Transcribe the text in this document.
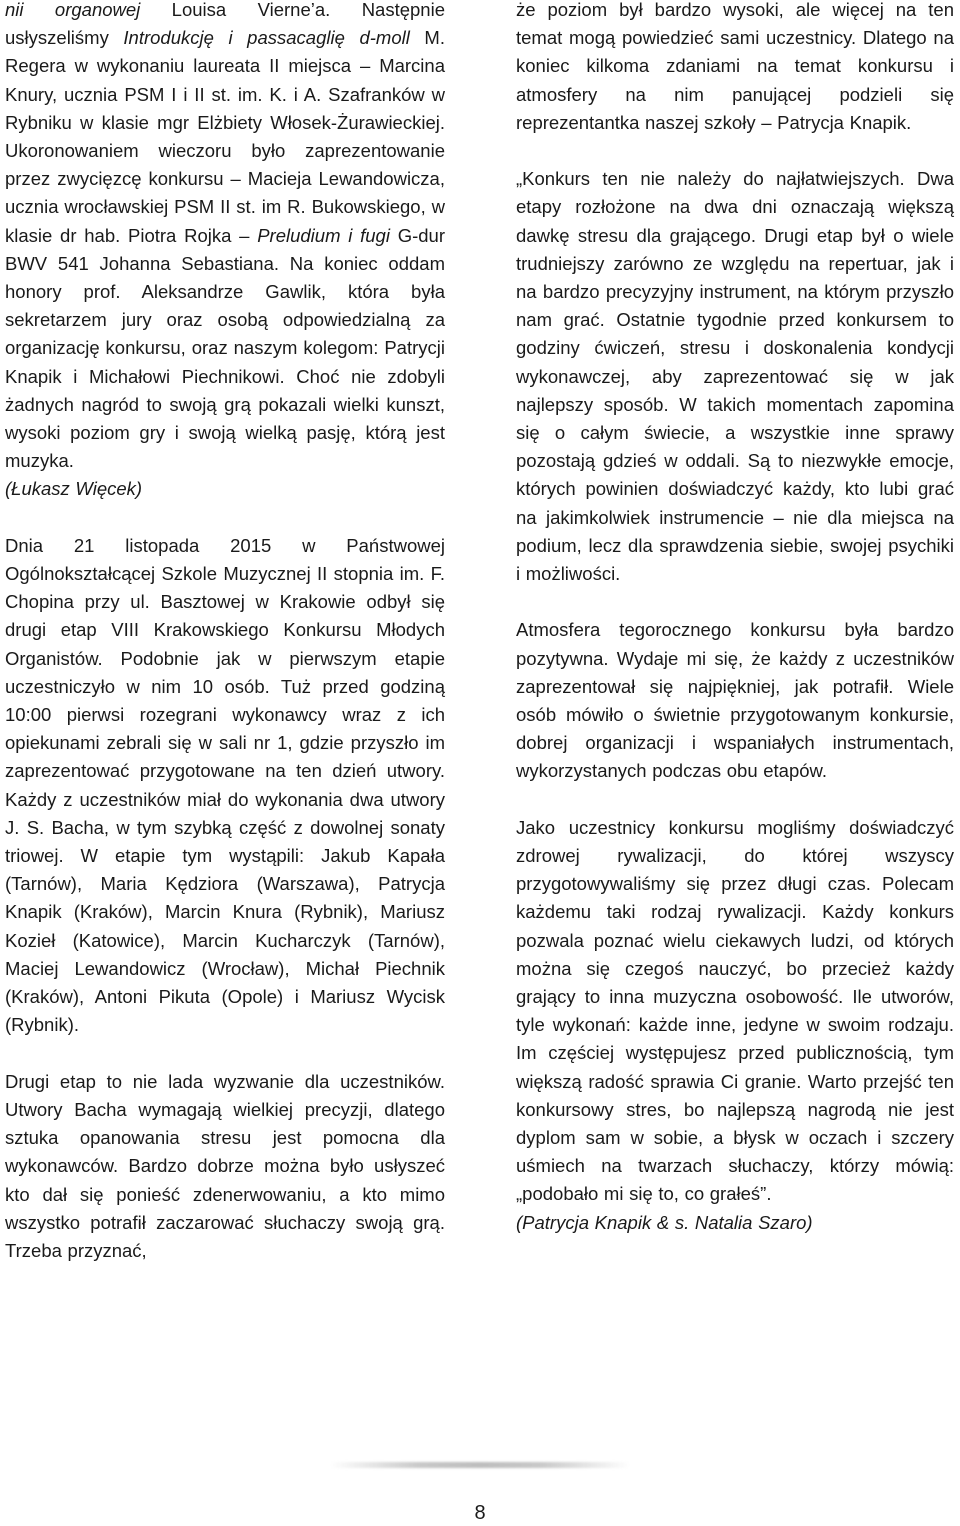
nii organowej Louisa Vierne’a. Następnie usłyszeliśmy Introdukcję i passacaglię d-moll M. Regera w wykonaniu laureata II miejsca – Marcina Knury, ucznia PSM I i II st. im. K. i A. Szafranków w Rybniku w klasie mgr Elżbiety Włosek-Żurawieckiej. Ukoronowaniem wieczoru było zaprezentowanie przez zwycięzcę konkursu – Macieja Lewandowicza, ucznia wrocławskiej PSM II st. im R. Bukowskiego, w klasie dr hab. Piotra Rojka – Preludium i fugi G-dur BWV 541 Johanna Sebastiana. Na koniec oddam honory prof. Aleksandrze Gawlik, która była sekretarzem jury oraz osobą odpowiedzialną za organizację konkursu, oraz naszym kolegom: Patrycji Knapik i Michałowi Piechnikowi. Choć nie zdobyli żadnych nagród to swoją grą pokazali wielki kunszt, wysoki poziom gry i swoją wielką pasję, którą jest muzyka.

(Łukasz Więcek)

Dnia 21 listopada 2015 w Państwowej Ogólnokształcącej Szkole Muzycznej II stopnia im. F. Chopina przy ul. Basztowej w Krakowie odbył się drugi etap VIII Krakowskiego Konkursu Młodych Organistów. Podobnie jak w pierwszym etapie uczestniczyło w nim 10 osób. Tuż przed godziną 10:00 pierwsi rozegrani wykonawcy wraz z ich opiekunami zebrali się w sali nr 1, gdzie przyszło im zaprezentować przygotowane na ten dzień utwory. Każdy z uczestników miał do wykonania dwa utwory J. S. Bacha, w tym szybką część z dowolnej sonaty triowej. W etapie tym wystąpili: Jakub Kapała (Tarnów), Maria Kędziora (Warszawa), Patrycja Knapik (Kraków), Marcin Knura (Rybnik), Mariusz Kozieł (Katowice), Marcin Kucharczyk (Tarnów), Maciej Lewandowicz (Wrocław), Michał Piechnik (Kraków), Antoni Pikuta (Opole) i Mariusz Wycisk (Rybnik).

Drugi etap to nie lada wyzwanie dla uczestników. Utwory Bacha wymagają wielkiej precyzji, dlatego sztuka opanowania stresu jest pomocna dla wykonawców. Bardzo dobrze można było usłyszeć kto dał się ponieść zdenerwowaniu, a kto mimo wszystko potrafił zaczarować słuchaczy swoją grą. Trzeba przyznać,

że poziom był bardzo wysoki, ale więcej na ten temat mogą powiedzieć sami uczestnicy. Dlatego na koniec kilkoma zdaniami na temat konkursu i atmosfery na nim panującej podzieli się reprezentantka naszej szkoły – Patrycja Knapik.

„Konkurs ten nie należy do najłatwiejszych. Dwa etapy rozłożone na dwa dni oznaczają większą dawkę stresu dla grającego. Drugi etap był o wiele trudniejszy zarówno ze względu na repertuar, jak i na bardzo precyzyjny instrument, na którym przyszło nam grać. Ostatnie tygodnie przed konkursem to godziny ćwiczeń, stresu i doskonalenia kondycji wykonawczej, aby zaprezentować się w jak najlepszy sposób. W takich momentach zapomina się o całym świecie, a wszystkie inne sprawy pozostają gdzieś w oddali. Są to niezwykłe emocje, których powinien doświadczyć każdy, kto lubi grać na jakimkolwiek instrumencie – nie dla miejsca na podium, lecz dla sprawdzenia siebie, swojej psychiki i możliwości.

Atmosfera tegorocznego konkursu była bardzo pozytywna. Wydaje mi się, że każdy z uczestników zaprezentował się najpiękniej, jak potrafił. Wiele osób mówiło o świetnie przygotowanym konkursie, dobrej organizacji i wspaniałych instrumentach, wykorzystanych podczas obu etapów.

Jako uczestnicy konkursu mogliśmy doświadczyć zdrowej rywalizacji, do której wszyscy przygotowywaliśmy się przez długi czas. Polecam każdemu taki rodzaj rywalizacji. Każdy konkurs pozwala poznać wielu ciekawych ludzi, od których można się czegoś nauczyć, bo przecież każdy grający to inna muzyczna osobowość. Ile utworów, tyle wykonań: każde inne, jedyne w swoim rodzaju. Im częściej występujesz przed publicznością, tym większą radość sprawia Ci granie. Warto przejść ten konkursowy stres, bo najlepszą nagrodą nie jest dyplom sam w sobie, a błysk w oczach i szczery uśmiech na twarzach słuchaczy, którzy mówią: „podobało mi się to, co grałeś”.

(Patrycja Knapik & s. Natalia Szaro)

8
